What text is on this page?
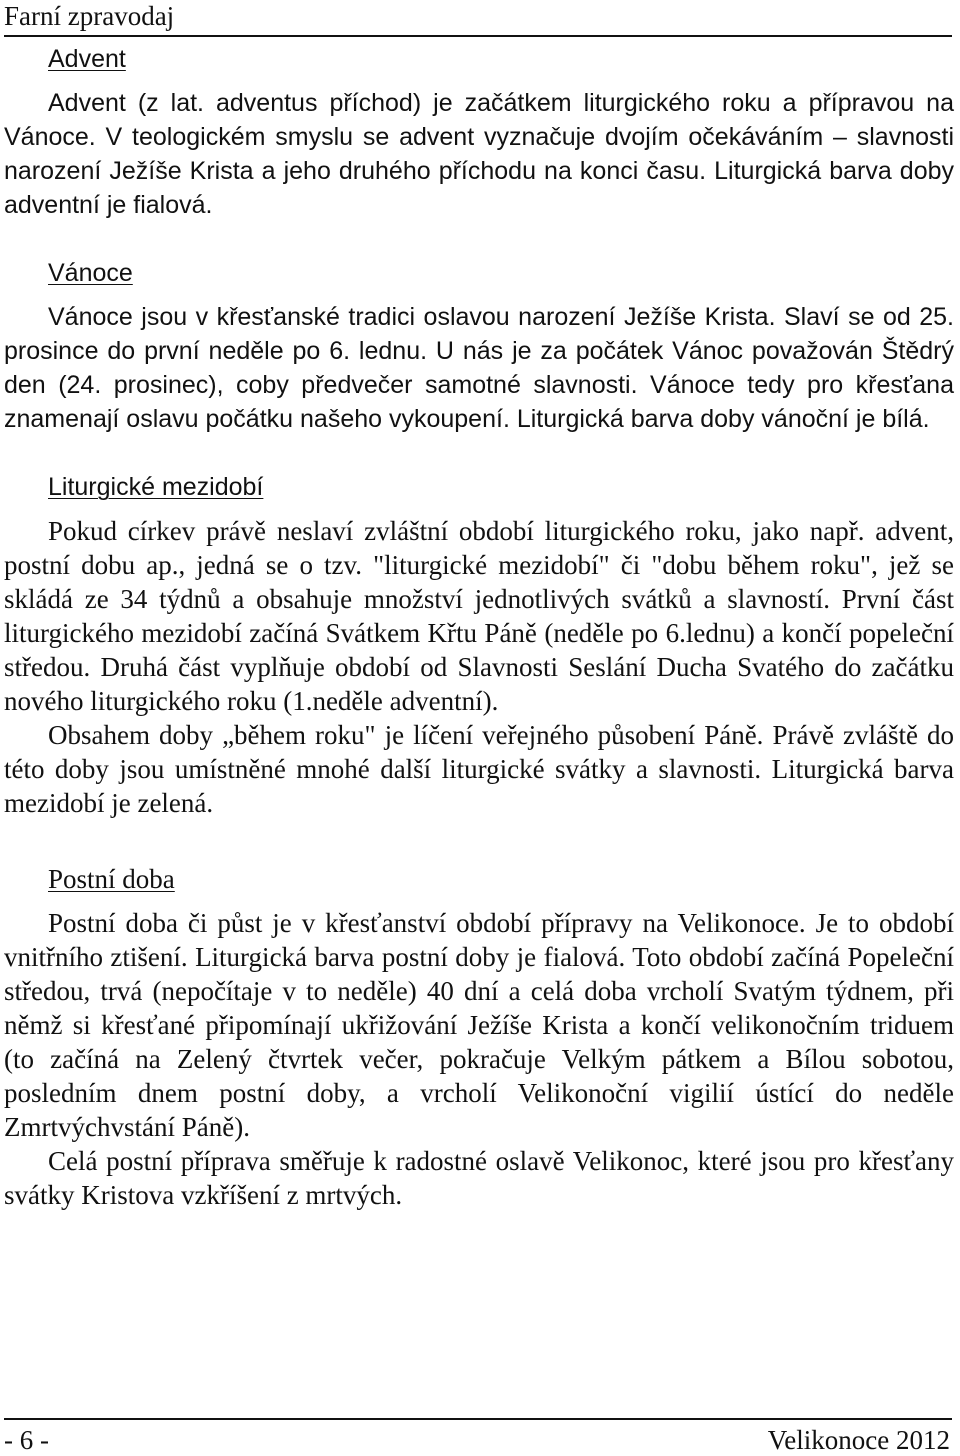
Farní zpravodaj
Advent

Advent (z lat. adventus příchod) je začátkem liturgického roku a přípravou na Vánoce. V teologickém smyslu se advent vyznačuje dvojím očekáváním – slavnosti narození Ježíše Krista a jeho druhého příchodu na konci času. Liturgická barva doby adventní je fialová.

Vánoce

Vánoce jsou v křesťanské tradici oslavou narození Ježíše Krista. Slaví se od 25. prosince do první neděle po 6. lednu. U nás je za počátek Vánoc považován Štědrý den (24. prosinec), coby předvečer samotné slavnosti. Vánoce tedy pro křesťana znamenají oslavu počátku našeho vykoupení. Liturgická barva doby vánoční je bílá.

Liturgické mezidobí

Pokud církev právě neslaví zvláštní období liturgického roku, jako např. advent, postní dobu ap., jedná se o tzv. "liturgické mezidobí" či "dobu během roku", jež se skládá ze 34 týdnů a obsahuje množství jednotlivých svátků a slavností. První část liturgického mezidobí začíná Svátkem Křtu Páně (neděle po 6.lednu) a končí popeleční středou. Druhá část vyplňuje období od Slavnosti Seslání Ducha Svatého do začátku nového liturgického roku (1.neděle adventní).

Obsahem doby „během roku" je líčení veřejného působení Páně. Právě zvláště do této doby jsou umístněné mnohé další liturgické svátky a slavnosti. Liturgická barva mezidobí je zelená.

Postní doba

Postní doba či půst je v křesťanství období přípravy na Velikonoce. Je to období vnitřního ztišení. Liturgická barva postní doby je fialová. Toto období začíná Popeleční středou, trvá (nepočítaje v to neděle) 40 dní a celá doba vrcholí Svatým týdnem, při němž si křesťané připomínají ukřižování Ježíše Krista a končí velikonočním triduem (to začíná na Zelený čtvrtek večer, pokračuje Velkým pátkem a Bílou sobotou, posledním dnem postní doby, a vrcholí Velikonoční vigilií ústící do neděle Zmrtvýchvstání Páně).

Celá postní příprava směřuje k radostné oslavě Velikonoc, které jsou pro křesťany svátky Kristova vzkříšení z mrtvých.

- 6 -	Velikonoce 2012
